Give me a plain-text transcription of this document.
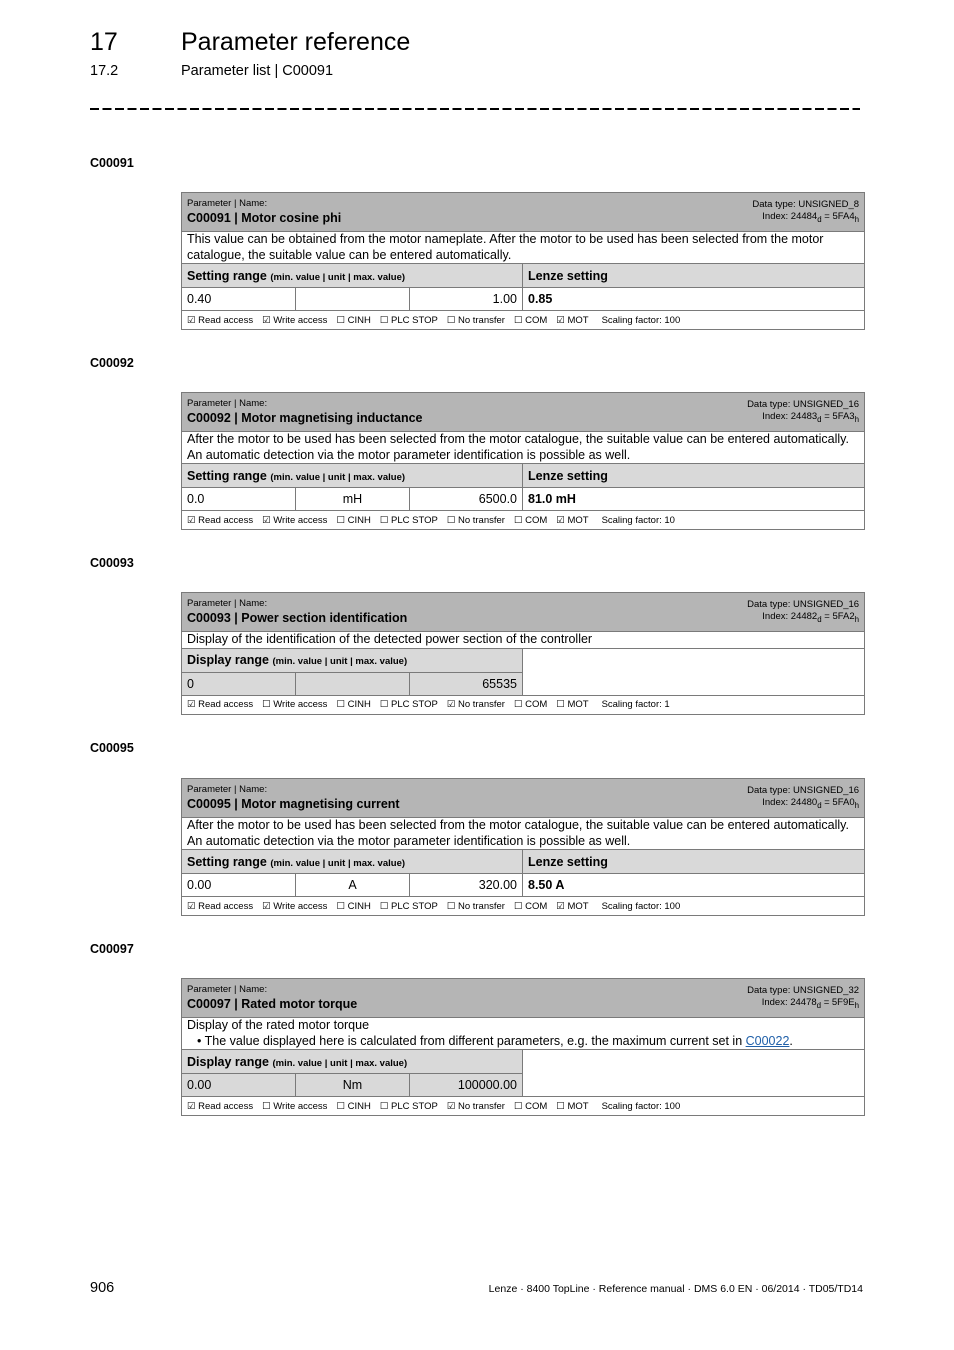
17	Parameter reference
17.2	Parameter list | C00091
C00091
Data type: UNSIGNED_8
Index: $24484_d = 5FA4_h$
Parameter | Name:
C00091 | Motor cosine phi			

This value can be obtained from the motor nameplate. After the motor to be used has been selected from the motor catalogue, the suitable value can be entered automatically.			
Setting range (min. value | unit | max. value)			Lenze setting
0.40		1.00	0.85
☑ Read access ☑ Write access ☐ CINH ☐ PLC STOP ☐ No transfer ☐ COM ☑ MOT Scaling factor: 100			
C00092
Data type: UNSIGNED_16
Index: $24483_d = 5FA3_h$
Parameter | Name:
C00092 | Motor magnetising inductance			

After the motor to be used has been selected from the motor catalogue, the suitable value can be entered automatically. An automatic detection via the motor parameter identification is possible as well.			
Setting range (min. value | unit | max. value)			Lenze setting
0.0	mH	6500.0	81.0 mH
☑ Read access ☑ Write access ☐ CINH ☐ PLC STOP ☐ No transfer ☐ COM ☑ MOT Scaling factor: 10			
C00093
Data type: UNSIGNED_16
Index: $24482_d = 5FA2_h$
Parameter | Name:
C00093 | Power section identification			

Display of the identification of the detected power section of the controller			
Display range (min. value | unit | max. value)			
0		65535	
☑ Read access ☐ Write access ☐ CINH ☐ PLC STOP ☑ No transfer ☐ COM ☐ MOT Scaling factor: 1			
C00095
Data type: UNSIGNED_16
Index: $24480_d = 5FA0_h$
Parameter | Name:
C00095 | Motor magnetising current			

After the motor to be used has been selected from the motor catalogue, the suitable value can be entered automatically. An automatic detection via the motor parameter identification is possible as well.			
Setting range (min. value | unit | max. value)			Lenze setting
0.00	A	320.00	8.50 A
☑ Read access ☑ Write access ☐ CINH ☐ PLC STOP ☐ No transfer ☐ COM ☑ MOT Scaling factor: 100			
C00097
Data type: UNSIGNED_32
Index: $24478_d = 5F9E_h$
Parameter | Name:
C00097 | Rated motor torque			

Display of the rated motor torque
• The value displayed here is calculated from different parameters, e.g. the maximum current set in C00022.			

Display range (min. value | unit | max. value)			
0.00	Nm	100000.00	
☑ Read access ☐ Write access ☐ CINH ☐ PLC STOP ☑ No transfer ☐ COM ☐ MOT Scaling factor: 100			
906	Lenze · 8400 TopLine · Reference manual · DMS 6.0 EN · 06/2014 · TD05/TD14
